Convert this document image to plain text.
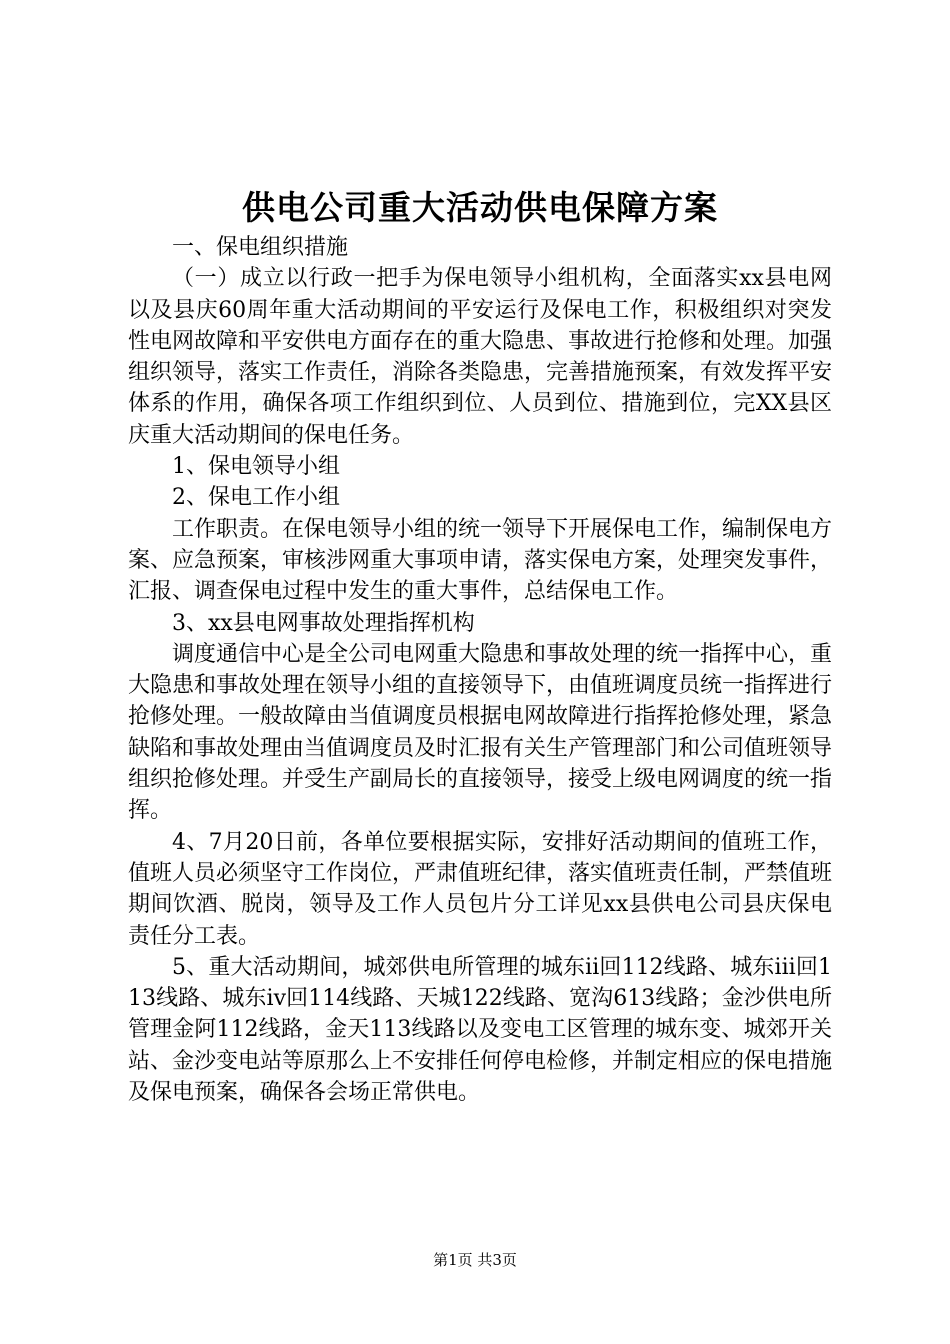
供电公司重大活动供电保障方案

一、保电组织措施

（一）成立以行政一把手为保电领导小组机构，全面落实xx县电网以及县庆60周年重大活动期间的平安运行及保电工作，积极组织对突发性电网故障和平安供电方面存在的重大隐患、事故进行抢修和处理。加强组织领导，落实工作责任，消除各类隐患，完善措施预案，有效发挥平安体系的作用，确保各项工作组织到位、人员到位、措施到位，完XX县区庆重大活动期间的保电任务。

1、保电领导小组

2、保电工作小组

工作职责。在保电领导小组的统一领导下开展保电工作，编制保电方案、应急预案，审核涉网重大事项申请，落实保电方案，处理突发事件，汇报、调查保电过程中发生的重大事件，总结保电工作。

3、xx县电网事故处理指挥机构

调度通信中心是全公司电网重大隐患和事故处理的统一指挥中心，重大隐患和事故处理在领导小组的直接领导下，由值班调度员统一指挥进行抢修处理。一般故障由当值调度员根据电网故障进行指挥抢修处理，紧急缺陷和事故处理由当值调度员及时汇报有关生产管理部门和公司值班领导组织抢修处理。并受生产副局长的直接领导，接受上级电网调度的统一指挥。

4、7月20日前，各单位要根据实际，安排好活动期间的值班工作，值班人员必须坚守工作岗位，严肃值班纪律，落实值班责任制，严禁值班期间饮酒、脱岗，领导及工作人员包片分工详见xx县供电公司县庆保电责任分工表。

5、重大活动期间，城郊供电所管理的城东ii回112线路、城东iii回113线路、城东iv回114线路、天城122线路、宽沟613线路；金沙供电所管理金阿112线路，金天113线路以及变电工区管理的城东变、城郊开关站、金沙变电站等原那么上不安排任何停电检修，并制定相应的保电措施及保电预案，确保各会场正常供电。

第1页 共3页
